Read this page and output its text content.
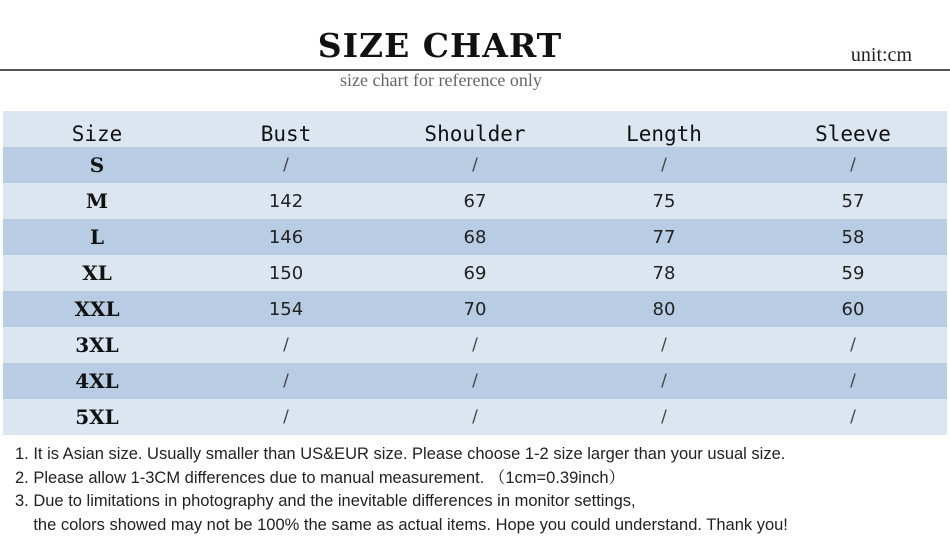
SIZE CHART	unit:cm
size chart for reference only
Size	Bust	Shoulder	Length	Sleeve
S	/	/	/	/
M	142	67	75	57
L	146	68	77	58
XL	150	69	78	59
XXL	154	70	80	60
3XL	/	/	/	/
4XL	/	/	/	/
5XL	/	/	/	/
1. It is Asian size. Usually smaller than US&EUR size. Please choose 1-2 size larger than your usual size.
2. Please allow 1-3CM differences due to manual measurement. （1cm=0.39inch）
3. Due to limitations in photography and the inevitable differences in monitor settings,
the colors showed may not be 100% the same as actual items. Hope you could understand. Thank you!
